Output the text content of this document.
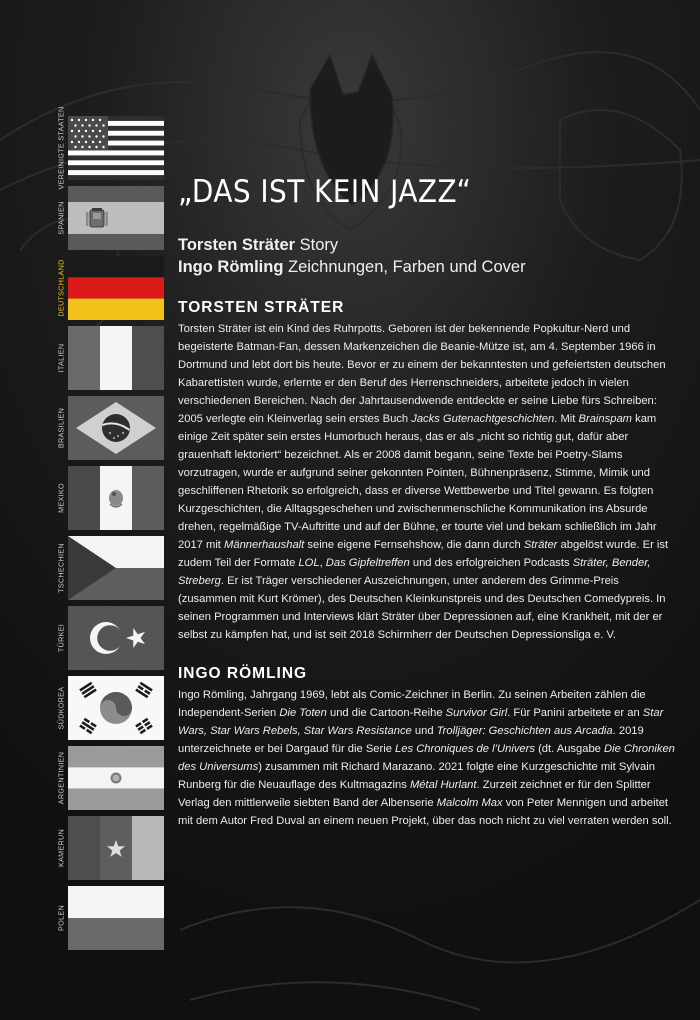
VEREINIGTE STAATEN
SPANIEN
DEUTSCHLAND
ITALIEN
BRASILIEN
MEXIKO
TSCHECHIEN
TÜRKEI
SÜDKOREA
ARGENTINIEN
KAMERUN
POLEN
„DAS IST KEIN JAZZ“
Torsten Sträter Story
Ingo Römling Zeichnungen, Farben und Cover
TORSTEN STRÄTER

Torsten Sträter ist ein Kind des Ruhrpotts. Geboren ist der bekennende Popkultur-Nerd und begeisterte Batman-Fan, dessen Markenzeichen die Beanie-Mütze ist, am 4. September 1966 in Dortmund und lebt dort bis heute. Bevor er zu einem der bekanntesten und gefeiertsten deutschen Kabarettisten wurde, erlernte er den Beruf des Herrenschneiders, arbeitete jedoch in vielen verschiedenen Bereichen. Nach der Jahrtausendwende entdeckte er seine Liebe fürs Schreiben: 2005 verlegte ein Kleinverlag sein erstes Buch Jacks Gutenachtgeschichten. Mit Brainspam kam einige Zeit später sein erstes Humorbuch heraus, das er als „nicht so richtig gut, dafür aber grauenhaft lektoriert“ bezeichnet. Als er 2008 damit begann, seine Texte bei Poetry-Slams vorzutragen, wurde er aufgrund seiner gekonnten Pointen, Bühnenpräsenz, Stimme, Mimik und geschliffenen Rhetorik so erfolgreich, dass er diverse Wettbewerbe und Titel gewann. Es folgten Kurzgeschichten, die Alltagsgeschehen und zwischenmenschliche Kommunikation ins Absurde drehen, regelmäßige TV-Auftritte und auf der Bühne, er tourte viel und bekam schließlich im Jahr 2017 mit Männerhaushalt seine eigene Fernsehshow, die dann durch Sträter abgelöst wurde. Er ist zudem Teil der Formate LOL, Das Gipfeltreffen und des erfolgreichen Podcasts Sträter, Bender, Streberg. Er ist Träger verschiedener Auszeichnungen, unter anderem des Grimme-Preis (zusammen mit Kurt Krömer), des Deutschen Kleinkunstpreis und des Deutschen Comedypreis. In seinen Programmen und Interviews klärt Sträter über Depressionen auf, eine Krankheit, mit der er selbst zu kämpfen hat, und ist seit 2018 Schirmherr der Deutschen Depressionsliga e. V.

INGO RÖMLING

Ingo Römling, Jahrgang 1969, lebt als Comic-Zeichner in Berlin. Zu seinen Arbeiten zählen die Independent-Serien Die Toten und die Cartoon-Reihe Survivor Girl. Für Panini arbeitete er an Star Wars, Star Wars Rebels, Star Wars Resistance und Trolljäger: Geschichten aus Arcadia. 2019 unterzeichnete er bei Dargaud für die Serie Les Chroniques de l’Univers (dt. Ausgabe Die Chroniken des Universums) zusammen mit Richard Marazano. 2021 folgte eine Kurzgeschichte mit Sylvain Runberg für die Neuauflage des Kultmagazins Métal Hurlant. Zurzeit zeichnet er für den Splitter Verlag den mittlerweile siebten Band der Albenserie Malcolm Max von Peter Mennigen und arbeitet mit dem Autor Fred Duval an einem neuen Projekt, über das noch nicht zu viel verraten werden soll.
